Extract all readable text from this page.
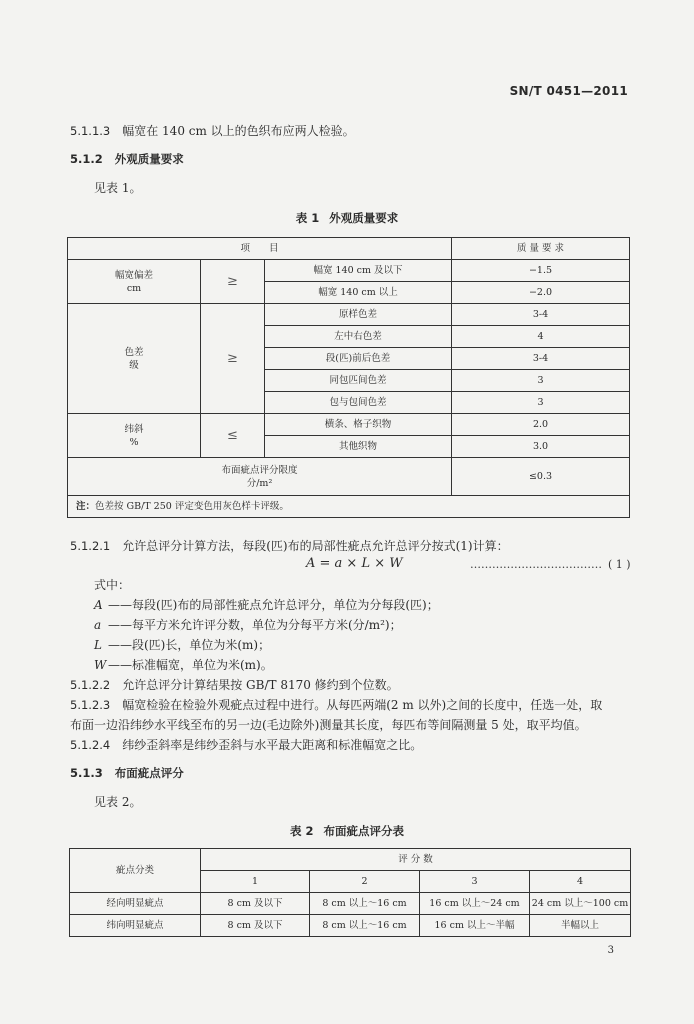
SN/T 0451—2011
5.1.1.3 幅宽在 140 cm 以上的色织布应两人检验。
5.1.2 外观质量要求
见表 1。
表 1 外观质量要求
项　　目			质 量 要 求

幅宽偏差
cm	≥	幅宽 140 cm 及以下	−1.5
		幅宽 140 cm 以上	−2.0

色差
级	≥	原样色差	3-4
		左中右色差	4
		段(匹)前后色差	3-4
		同包匹间色差	3
		包与包间色差	3

纬斜
%	≤	横条、格子织物	2.0
		其他织物	3.0

布面疵点评分限度
分/m²			≤0.3
注：色差按 GB/T 250 评定变色用灰色样卡评级。			
5.1.2.1 允许总评分计算方法，每段(匹)布的局部性疵点允许总评分按式(1)计算：
A = a × L × W	……………………………… ( 1 )
式中：
A ——每段(匹)布的局部性疵点允许总评分，单位为分每段(匹)；
a ——每平方米允许评分数，单位为分每平方米(分/m²)；
L ——段(匹)长，单位为米(m)；
W ——标准幅宽，单位为米(m)。
5.1.2.2 允许总评分计算结果按 GB/T 8170 修约到个位数。
5.1.2.3 幅宽检验在检验外观疵点过程中进行。从每匹两端(2 m 以外)之间的长度中，任选一处，取
布面一边沿纬纱水平线至布的另一边(毛边除外)测量其长度，每匹布等间隔测量 5 处，取平均值。
5.1.2.4 纬纱歪斜率是纬纱歪斜与水平最大距离和标准幅宽之比。
5.1.3 布面疵点评分
见表 2。
表 2 布面疵点评分表
疵点分类	评 分 数			
	1	2	3	4
经向明显疵点	8 cm 及以下	8 cm 以上～16 cm	16 cm 以上～24 cm	24 cm 以上～100 cm
纬向明显疵点	8 cm 及以下	8 cm 以上～16 cm	16 cm 以上～半幅	半幅以上
3
